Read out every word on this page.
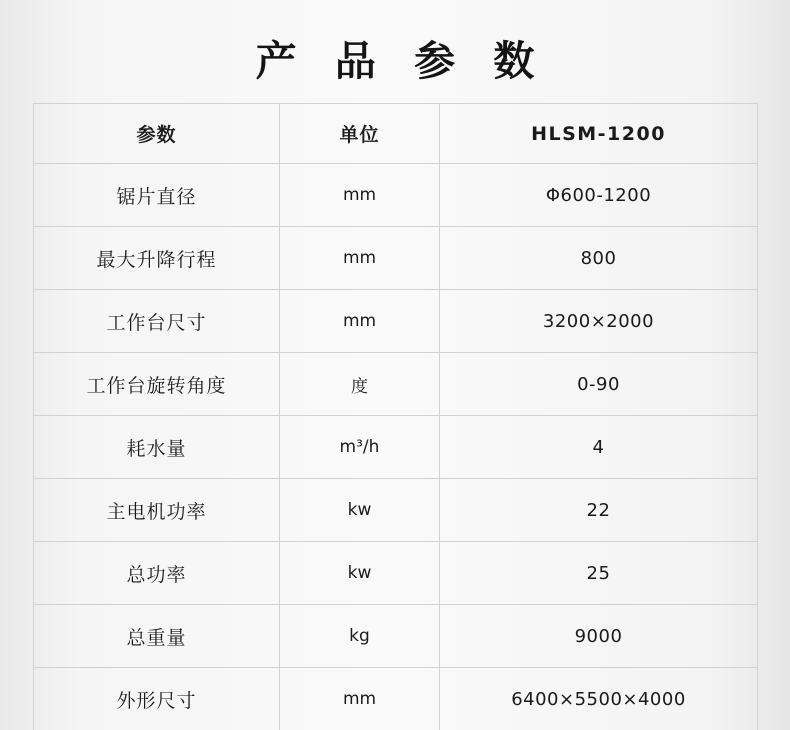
产 品 参 数
参数	单位	HLSM-1200
锯片直径	mm	Φ600-1200
最大升降行程	mm	800
工作台尺寸	mm	3200×2000
工作台旋转角度	度	0-90
耗水量	m³/h	4
主电机功率	kw	22
总功率	kw	25
总重量	kg	9000
外形尺寸	mm	6400×5500×4000
